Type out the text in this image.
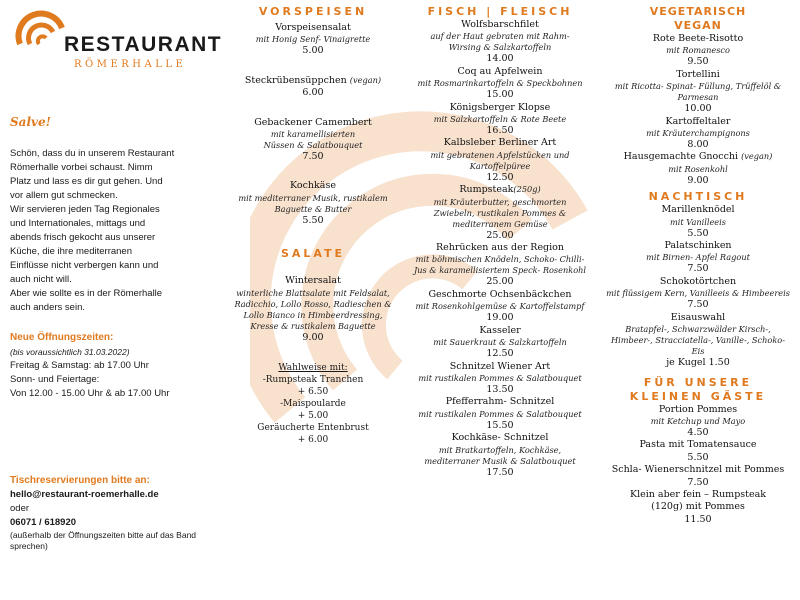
RESTAURANT
RÖMERHALLE
Salve!

Schön, dass du in unserem Restaurant

Römerhalle vorbei schaust. Nimm

Platz und lass es dir gut gehen. Und

vor allem gut schmecken.

Wir servieren jeden Tag Regionales

und Internationales, mittags und

abends frisch gekocht aus unserer

Küche, die ihre mediterranen

Einflüsse nicht verbergen kann und

auch nicht will.

Aber wie sollte es in der Römerhalle

auch anders sein.

Neue Öffnungszeiten:
(bis voraussichtlich 31.03.2022)
Freitag & Samstag: ab 17.00 Uhr
Sonn- und Feiertage:
Von 12.00 - 15.00 Uhr & ab 17.00 Uhr
Tischreservierungen bitte an:
hello@restaurant-roemerhalle.de
oder
06071 / 618920
(außerhalb der Öffnungszeiten bitte auf das Band sprechen)
VORSPEISEN
Vorspeisensalat
mit Honig Senf- Vinaigrette
5.00
Steckrübensüppchen (vegan)
6.00
Gebackener Camembert
mit karamellisierten Nüssen & Salatbouquet
7.50
Kochkäse
mit mediterraner Musik, rustikalem Baguette & Butter
5.50
SALATE
Wintersalat
winterliche Blattsalate mit Feldsalat, Radicchio, Lollo Rosso, Radieschen & Lollo Bianco in Himbeerdressing, Kresse & rustikalem Baguette
9.00
Wahlweise mit:
-Rumpsteak Tranchen
+ 6.50
-Maispoularde
+ 5.00
Geräucherte Entenbrust
+ 6.00
FISCH | FLEISCH
Wolfsbarschfilet
auf der Haut gebraten mit Rahm-Wirsing & Salzkartoffeln
14.00
Coq au Apfelwein
mit Rosmarinkartoffeln & Speckbohnen
15.00
Königsberger Klopse
mit Salzkartoffeln & Rote Beete
16.50
Kalbsleber Berliner Art
mit gebratenen Apfelstücken und Kartoffelpüree
12.50
Rumpsteak(250g)
mit Kräuterbutter, geschmorten Zwiebeln, rustikalen Pommes & mediterranem Gemüse
25.00
Rehrücken aus der Region
mit böhmischen Knödeln, Schoko- Chilli- Jus & karamellisiertem Speck- Rosenkohl
25.00
Geschmorte Ochsenbäckchen
mit Rosenkohlgemüse & Kartoffelstampf
19.00
Kasseler
mit Sauerkraut & Salzkartoffeln
12.50
Schnitzel Wiener Art
mit rustikalen Pommes & Salatbouquet
13.50
Pfefferrahm- Schnitzel
mit rustikalen Pommes & Salatbouquet
15.50
Kochkäse- Schnitzel
mit Bratkartoffeln, Kochkäse, mediterraner Musik & Salatbouquet
17.50
VEGETARISCH
VEGAN
Rote Beete-Risotto
mit Romanesco
9.50
Tortellini
mit Ricotta- Spinat- Füllung, Trüffelöl & Parmesan
10.00
Kartoffeltaler
mit Kräuterchampignons
8.00
Hausgemachte Gnocchi (vegan)
mit Rosenkohl
9.00
NACHTISCH
Marillenknödel
mit Vanilleeis
5.50
Palatschinken
mit Birnen- Apfel Ragout
7.50
Schokotörtchen
mit flüssigem Kern, Vanilleeis & Himbeereis
7.50
Eisauswahl
Bratapfel-, Schwarzwälder Kirsch-, Himbeer-, Stracciatella-, Vanille-, Schoko- Eis
je Kugel 1.50
FÜR UNSERE
KLEINEN GÄSTE
Portion Pommes
mit Ketchup und Mayo
4.50
Pasta mit Tomatensauce
5.50
Schla- Wienerschnitzel mit Pommes
7.50
Klein aber fein – Rumpsteak (120g) mit Pommes
11.50
